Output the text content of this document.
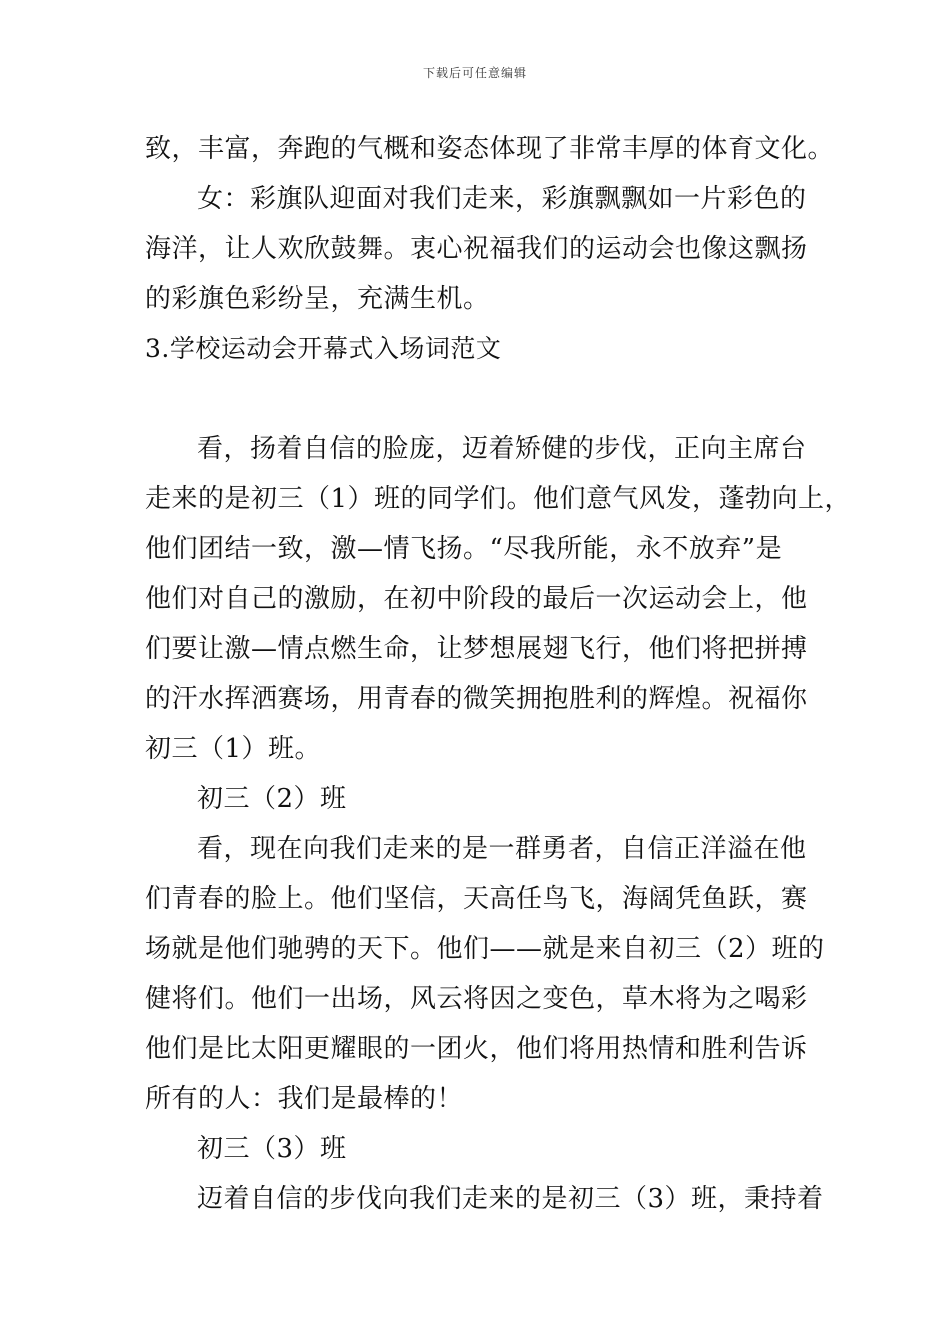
下载后可任意编辑
致，丰富，奔跑的气概和姿态体现了非常丰厚的体育文化。
女：彩旗队迎面对我们走来，彩旗飘飘如一片彩色的
海洋，让人欢欣鼓舞。衷心祝福我们的运动会也像这飘扬
的彩旗色彩纷呈，充满生机。
3.学校运动会开幕式入场词范文
看，扬着自信的脸庞，迈着矫健的步伐，正向主席台
走来的是初三（1）班的同学们。他们意气风发，蓬勃向上，
他们团结一致，激—情飞扬。“尽我所能，永不放弃”是
他们对自己的激励，在初中阶段的最后一次运动会上，他
们要让激—情点燃生命，让梦想展翅飞行，他们将把拼搏
的汗水挥洒赛场，用青春的微笑拥抱胜利的辉煌。祝福你
初三（1）班。
初三（2）班
看，现在向我们走来的是一群勇者，自信正洋溢在他
们青春的脸上。他们坚信，天高任鸟飞，海阔凭鱼跃，赛
场就是他们驰骋的天下。他们——就是来自初三（2）班的
健将们。他们一出场，风云将因之变色，草木将为之喝彩
他们是比太阳更耀眼的一团火，他们将用热情和胜利告诉
所有的人：我们是最棒的！
初三（3）班
迈着自信的步伐向我们走来的是初三（3）班，秉持着
